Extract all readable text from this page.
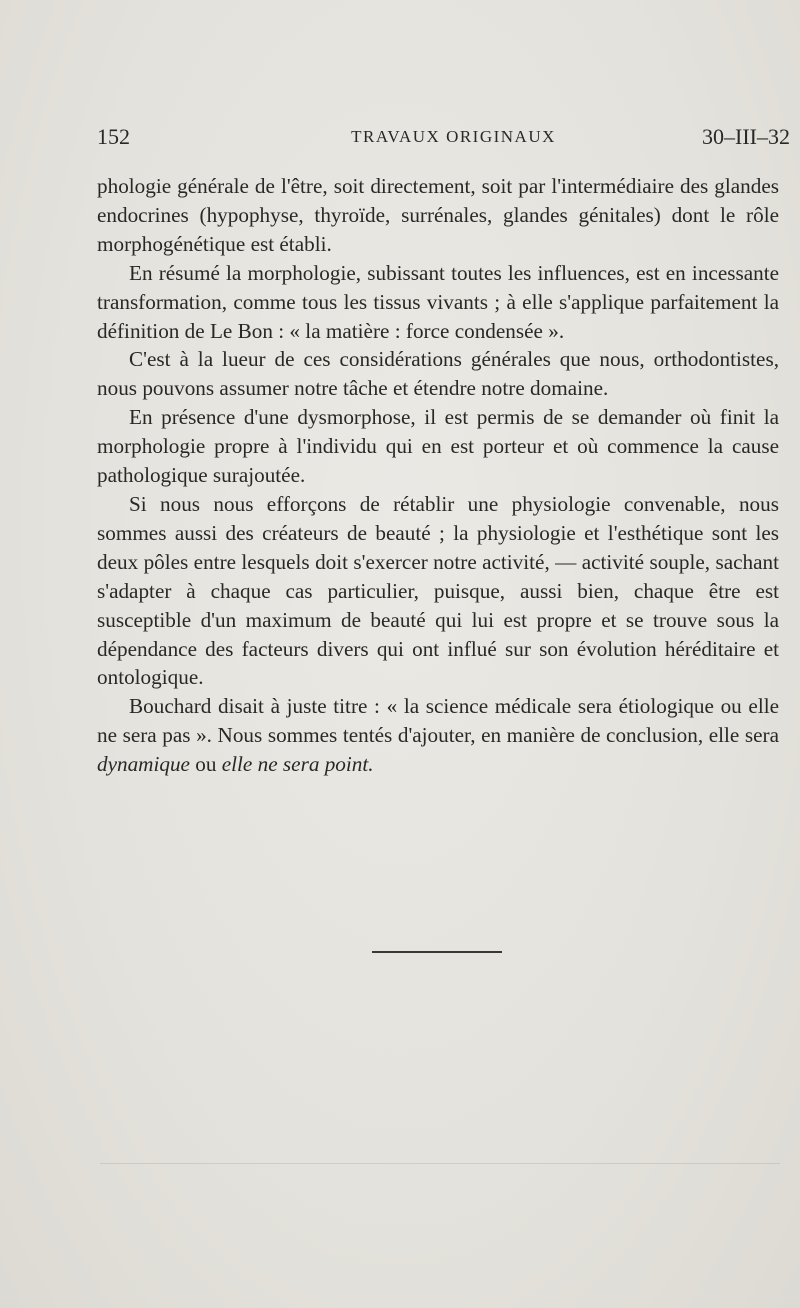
152	TRAVAUX ORIGINAUX	30–III–32

phologie générale de l'être, soit directement, soit par l'intermédiaire des glandes endocrines (hypophyse, thyroïde, surrénales, glandes génitales) dont le rôle morphogénétique est établi.

En résumé la morphologie, subissant toutes les influences, est en incessante transformation, comme tous les tissus vivants ; à elle s'applique parfaitement la définition de Le Bon : « la matière : force condensée ».

C'est à la lueur de ces considérations générales que nous, orthodontistes, nous pouvons assumer notre tâche et étendre notre domaine.

En présence d'une dysmorphose, il est permis de se demander où finit la morphologie propre à l'individu qui en est porteur et où commence la cause pathologique surajoutée.

Si nous nous efforçons de rétablir une physiologie convenable, nous sommes aussi des créateurs de beauté ; la physiologie et l'esthétique sont les deux pôles entre lesquels doit s'exercer notre activité, — activité souple, sachant s'adapter à chaque cas particulier, puisque, aussi bien, chaque être est susceptible d'un maximum de beauté qui lui est propre et se trouve sous la dépendance des facteurs divers qui ont influé sur son évolution héréditaire et ontologique.

Bouchard disait à juste titre : « la science médicale sera étiologique ou elle ne sera pas ». Nous sommes tentés d'ajouter, en manière de conclusion, elle sera dynamique ou elle ne sera point.
